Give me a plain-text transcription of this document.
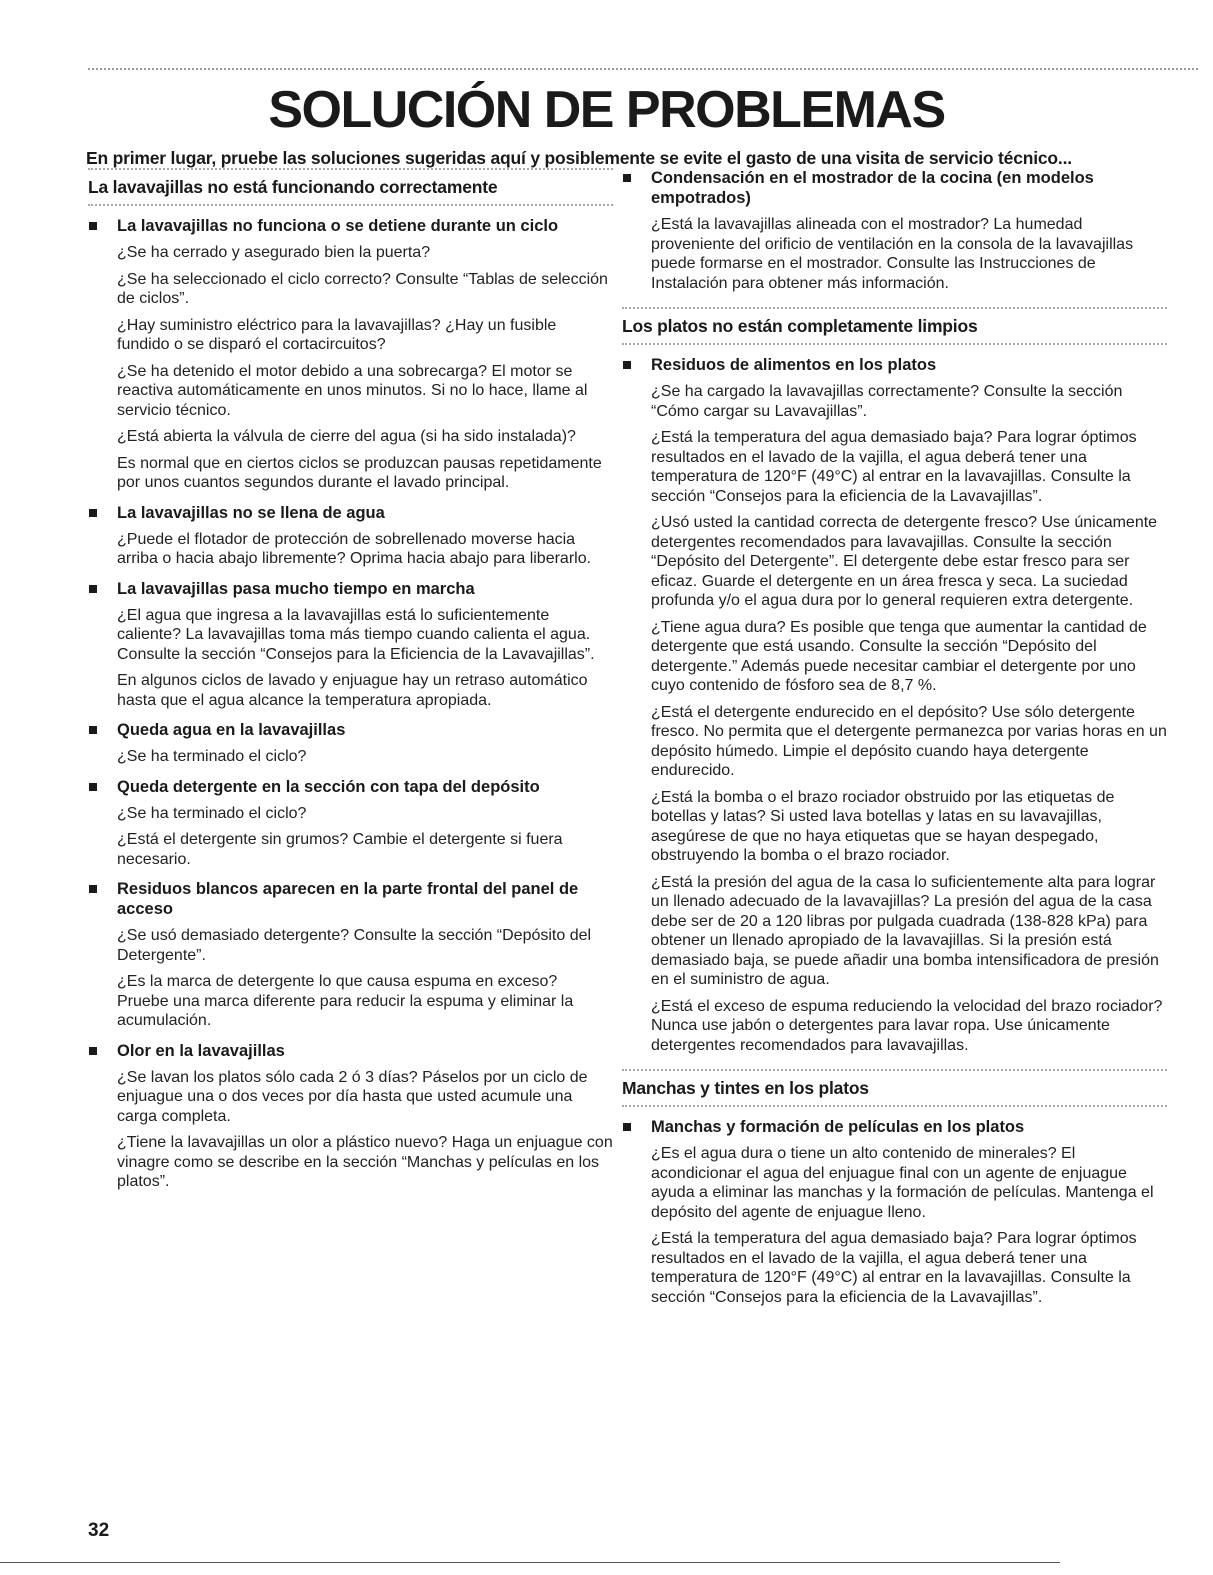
SOLUCIÓN DE PROBLEMAS
En primer lugar, pruebe las soluciones sugeridas aquí y posiblemente se evite el gasto de una visita de servicio técnico...
La lavavajillas no está funcionando correctamente
La lavavajillas no funciona o se detiene durante un ciclo
¿Se ha cerrado y asegurado bien la puerta?
¿Se ha seleccionado el ciclo correcto? Consulte “Tablas de selección de ciclos”.
¿Hay suministro eléctrico para la lavavajillas? ¿Hay un fusible fundido o se disparó el cortacircuitos?
¿Se ha detenido el motor debido a una sobrecarga? El motor se reactiva automáticamente en unos minutos. Si no lo hace, llame al servicio técnico.
¿Está abierta la válvula de cierre del agua (si ha sido instalada)?
Es normal que en ciertos ciclos se produzcan pausas repetidamente por unos cuantos segundos durante el lavado principal.
La lavavajillas no se llena de agua
¿Puede el flotador de protección de sobrellenado moverse hacia arriba o hacia abajo libremente? Oprima hacia abajo para liberarlo.
La lavavajillas pasa mucho tiempo en marcha
¿El agua que ingresa a la lavavajillas está lo suficientemente caliente? La lavavajillas toma más tiempo cuando calienta el agua. Consulte la sección “Consejos para la Eficiencia de la Lavavajillas”.
En algunos ciclos de lavado y enjuague hay un retraso automático hasta que el agua alcance la temperatura apropiada.
Queda agua en la lavavajillas
¿Se ha terminado el ciclo?
Queda detergente en la sección con tapa del depósito
¿Se ha terminado el ciclo?
¿Está el detergente sin grumos? Cambie el detergente si fuera necesario.
Residuos blancos aparecen en la parte frontal del panel de acceso
¿Se usó demasiado detergente? Consulte la sección “Depósito del Detergente”.
¿Es la marca de detergente lo que causa espuma en exceso? Pruebe una marca diferente para reducir la espuma y eliminar la acumulación.
Olor en la lavavajillas
¿Se lavan los platos sólo cada 2 ó 3 días? Páselos por un ciclo de enjuague una o dos veces por día hasta que usted acumule una carga completa.
¿Tiene la lavavajillas un olor a plástico nuevo? Haga un enjuague con vinagre como se describe en la sección “Manchas y películas en los platos”.
Condensación en el mostrador de la cocina (en modelos empotrados)
¿Está la lavavajillas alineada con el mostrador? La humedad proveniente del orificio de ventilación en la consola de la lavavajillas puede formarse en el mostrador. Consulte las Instrucciones de Instalación para obtener más información.
Los platos no están completamente limpios
Residuos de alimentos en los platos
¿Se ha cargado la lavavajillas correctamente? Consulte la sección “Cómo cargar su Lavavajillas”.
¿Está la temperatura del agua demasiado baja? Para lograr óptimos resultados en el lavado de la vajilla, el agua deberá tener una temperatura de 120°F (49°C) al entrar en la lavavajillas. Consulte la sección “Consejos para la eficiencia de la Lavavajillas”.
¿Usó usted la cantidad correcta de detergente fresco? Use únicamente detergentes recomendados para lavavajillas. Consulte la sección “Depósito del Detergente”. El detergente debe estar fresco para ser eficaz. Guarde el detergente en un área fresca y seca. La suciedad profunda y/o el agua dura por lo general requieren extra detergente.
¿Tiene agua dura? Es posible que tenga que aumentar la cantidad de detergente que está usando. Consulte la sección “Depósito del detergente.” Además puede necesitar cambiar el detergente por uno cuyo contenido de fósforo sea de 8,7 %.
¿Está el detergente endurecido en el depósito? Use sólo detergente fresco. No permita que el detergente permanezca por varias horas en un depósito húmedo. Limpie el depósito cuando haya detergente endurecido.
¿Está la bomba o el brazo rociador obstruido por las etiquetas de botellas y latas? Si usted lava botellas y latas en su lavavajillas, asegúrese de que no haya etiquetas que se hayan despegado, obstruyendo la bomba o el brazo rociador.
¿Está la presión del agua de la casa lo suficientemente alta para lograr un llenado adecuado de la lavavajillas? La presión del agua de la casa debe ser de 20 a 120 libras por pulgada cuadrada (138-828 kPa) para obtener un llenado apropiado de la lavavajillas. Si la presión está demasiado baja, se puede añadir una bomba intensificadora de presión en el suministro de agua.
¿Está el exceso de espuma reduciendo la velocidad del brazo rociador? Nunca use jabón o detergentes para lavar ropa. Use únicamente detergentes recomendados para lavavajillas.
Manchas y tintes en los platos
Manchas y formación de películas en los platos
¿Es el agua dura o tiene un alto contenido de minerales? El acondicionar el agua del enjuague final con un agente de enjuague ayuda a eliminar las manchas y la formación de películas. Mantenga el depósito del agente de enjuague lleno.
¿Está la temperatura del agua demasiado baja? Para lograr óptimos resultados en el lavado de la vajilla, el agua deberá tener una temperatura de 120°F (49°C) al entrar en la lavavajillas. Consulte la sección “Consejos para la eficiencia de la Lavavajillas”.
32
